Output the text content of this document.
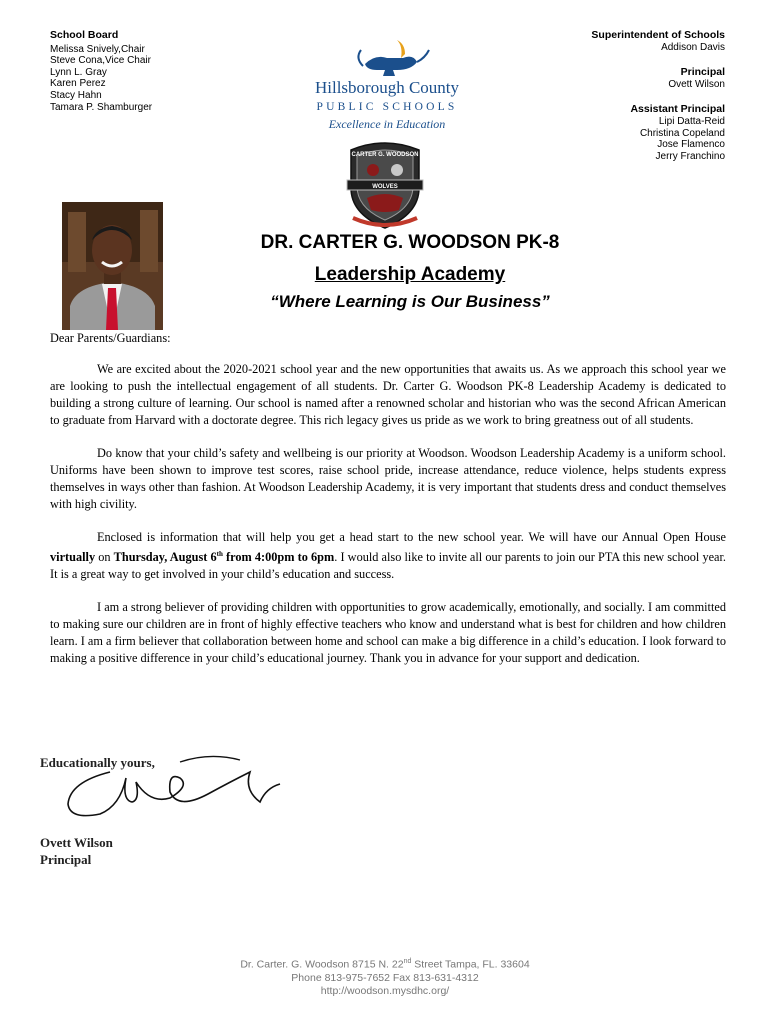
School Board
Melissa Snively,Chair
Steve Cona,Vice Chair
Lynn L. Gray
Karen Perez
Stacy Hahn
Tamara P. Shamburger
Superintendent of Schools
Addison Davis
Principal
Ovett Wilson
Assistant Principal
Lipi Datta-Reid
Christina Copeland
Jose Flamenco
Jerry Franchino
Hillsborough County
PUBLIC SCHOOLS
Excellence in Education
CARTER G. WOODSON
WOLVES
DR. CARTER G. WOODSON PK-8
Leadership Academy
“Where Learning is Our Business”

Dear Parents/Guardians:

We are excited about the 2020-2021 school year and the new opportunities that awaits us. As we approach this school year we are looking to push the intellectual engagement of all students. Dr. Carter G. Woodson PK-8 Leadership Academy is dedicated to building a strong culture of learning. Our school is named after a renowned scholar and historian who was the second African American to graduate from Harvard with a doctorate degree. This rich legacy gives us pride as we work to bring greatness out of all students.

Do know that your child’s safety and wellbeing is our priority at Woodson. Woodson Leadership Academy is a uniform school. Uniforms have been shown to improve test scores, raise school pride, increase attendance, reduce violence, helps students express themselves in ways other than fashion. At Woodson Leadership Academy, it is very important that students dress and conduct themselves with high civility.

Enclosed is information that will help you get a head start to the new school year. We will have our Annual Open House virtually on Thursday, August 6th from 4:00pm to 6pm. I would also like to invite all our parents to join our PTA this new school year. It is a great way to get involved in your child’s education and success.

I am a strong believer of providing children with opportunities to grow academically, emotionally, and socially. I am committed to making sure our children are in front of highly effective teachers who know and understand what is best for children and how children learn. I am a firm believer that collaboration between home and school can make a big difference in a child’s education. I look forward to making a positive difference in your child’s educational journey. Thank you in advance for your support and dedication.

Educationally yours,
Ovett Wilson
Principal
Dr. Carter. G. Woodson 8715 N. 22nd Street Tampa, FL. 33604
Phone 813-975-7652 Fax 813-631-4312
http://woodson.mysdhc.org/
